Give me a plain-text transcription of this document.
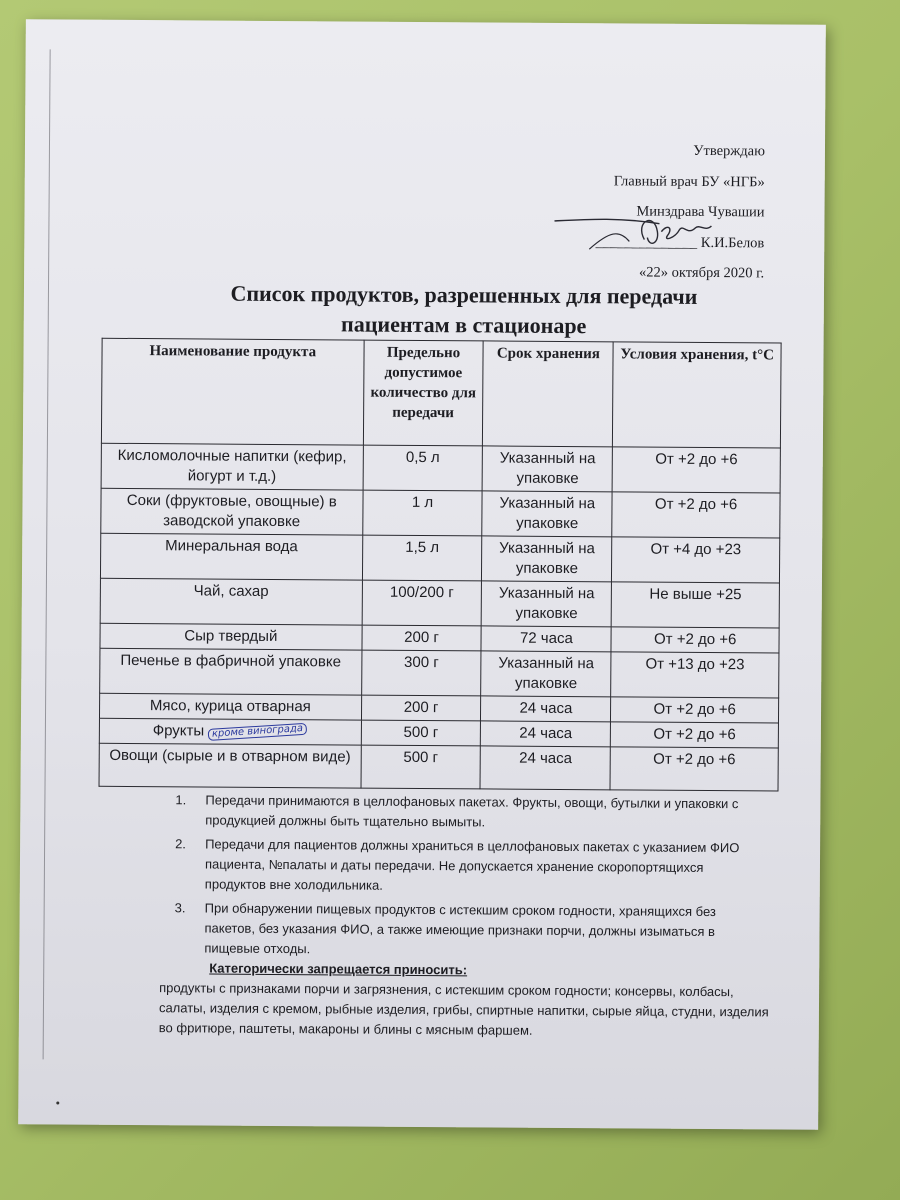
Утверждаю
Главный врач БУ «НГБ»
Минздрава Чувашии
______________ К.И.Белов
«22» октября 2020 г.
Список продуктов, разрешенных для передачи
пациентам в стационаре
Наименование продукта	Предельно допустимое количество для передачи	Срок хранения	Условия хранения, t°C
Кисломолочные напитки (кефир, йогурт и т.д.)	0,5 л	Указанный на упаковке	От +2 до +6
Соки (фруктовые, овощные) в заводской упаковке	1 л	Указанный на упаковке	От +2 до +6
Минеральная вода	1,5 л	Указанный на упаковке	От +4 до +23
Чай, сахар	100/200 г	Указанный на упаковке	Не выше +25
Сыр твердый	200 г	72 часа	От +2 до +6
Печенье в фабричной упаковке	300 г	Указанный на упаковке	От +13 до +23
Мясо, курица отварная	200 г	24 часа	От +2 до +6
Фрукты кроме винограда	500 г	24 часа	От +2 до +6
Овощи (сырые и в отварном виде)	500 г	24 часа	От +2 до +6
1. Передачи принимаются в целлофановых пакетах. Фрукты, овощи, бутылки и упаковки с продукцией должны быть тщательно вымыты.
2. Передачи для пациентов должны храниться в целлофановых пакетах с указанием ФИО пациента, №палаты и даты передачи. Не допускается хранение скоропортящихся продуктов вне холодильника.
3. При обнаружении пищевых продуктов с истекшим сроком годности, хранящихся без пакетов, без указания ФИО, а также имеющие признаки порчи, должны изыматься в пищевые отходы.
Категорически запрещается приносить:
продукты с признаками порчи и загрязнения, с истекшим сроком годности; консервы, колбасы, салаты, изделия с кремом, рыбные изделия, грибы, спиртные напитки, сырые яйца, студни, изделия во фритюре, паштеты, макароны и блины с мясным фаршем.
